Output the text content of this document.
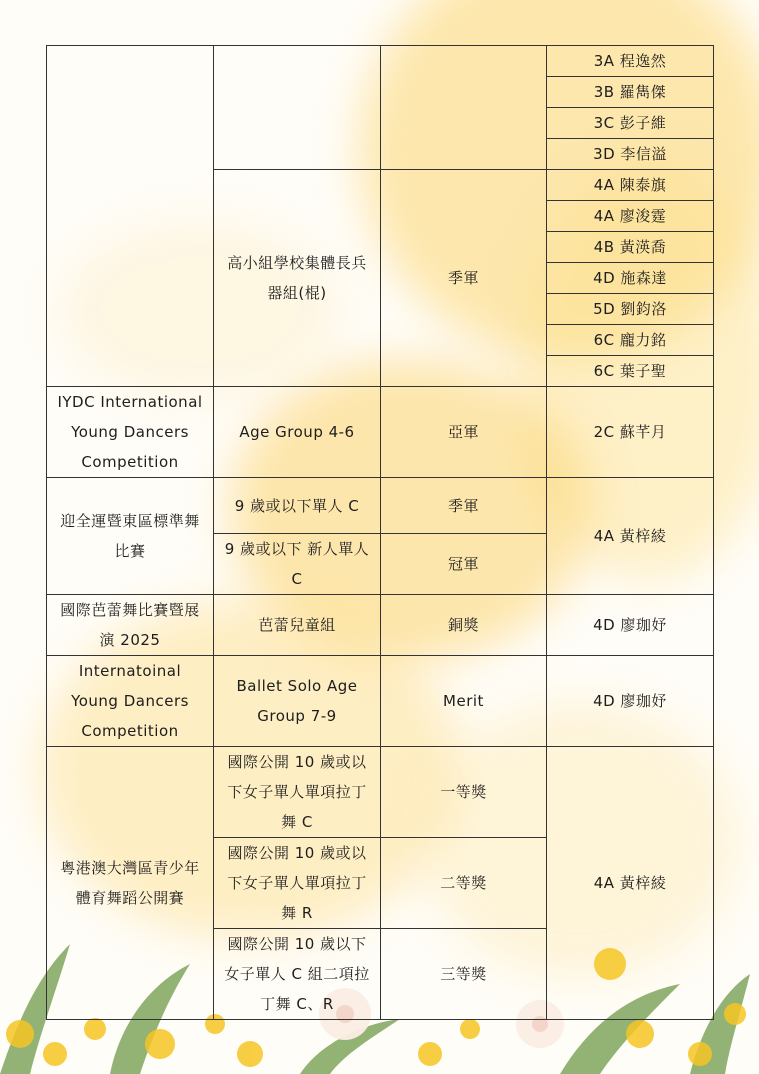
			3A 程逸然
			3B 羅雋傑
			3C 彭子維
			3D 李信溢
	高小組學校集體長兵器組(棍)	季軍	4A 陳泰旗
			4A 廖浚霆
			4B 黃渶喬
			4D 施森達
			5D 劉鈞洛
			6C 龐力銘
			6C 葉子聖
IYDC International Young Dancers Competition	Age Group 4-6	亞軍	2C 蘇芊月
迎全運暨東區標準舞比賽	9 歲或以下單人 C	季軍	4A 黃梓綾
	9 歲或以下 新人單人 C	冠軍	
國際芭蕾舞比賽暨展演 2025	芭蕾兒童組	銅獎	4D 廖珈妤
Internatoinal Young Dancers Competition	Ballet Solo Age Group 7-9	Merit	4D 廖珈妤
粵港澳大灣區青少年體育舞蹈公開賽	國際公開 10 歲或以下女子單人單項拉丁舞 C	一等獎	4A 黃梓綾
	國際公開 10 歲或以下女子單人單項拉丁舞 R	二等獎	
	國際公開 10 歲以下女子單人 C 組二項拉丁舞 C、R	三等獎	
